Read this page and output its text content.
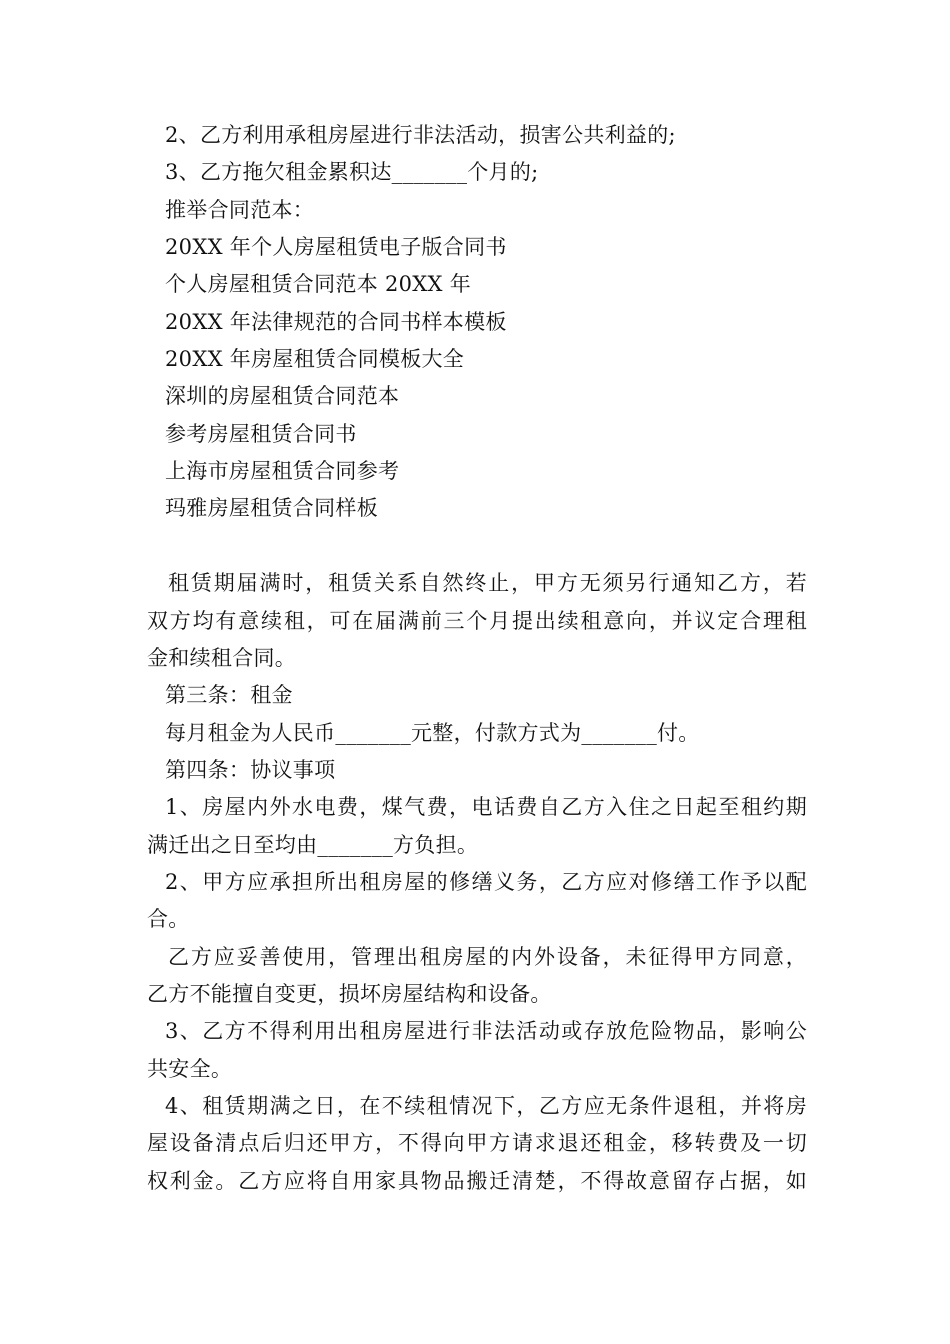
2、乙方利用承租房屋进行非法活动，损害公共利益的;
3、乙方拖欠租金累积达_______个月的;
推举合同范本：
20XX 年个人房屋租赁电子版合同书
个人房屋租赁合同范本 20XX 年
20XX 年法律规范的合同书样本模板
20XX 年房屋租赁合同模板大全
深圳的房屋租赁合同范本
参考房屋租赁合同书
上海市房屋租赁合同参考
玛雅房屋租赁合同样板
租赁期届满时，租赁关系自然终止，甲方无须另行通知乙方，若
双方均有意续租，可在届满前三个月提出续租意向，并议定合理租
金和续租合同。
第三条：租金
每月租金为人民币_______元整，付款方式为_______付。
第四条：协议事项
1、房屋内外水电费，煤气费，电话费自乙方入住之日起至租约期
满迁出之日至均由_______方负担。
2、甲方应承担所出租房屋的修缮义务，乙方应对修缮工作予以配
合。
乙方应妥善使用，管理出租房屋的内外设备，未征得甲方同意，
乙方不能擅自变更，损坏房屋结构和设备。
3、乙方不得利用出租房屋进行非法活动或存放危险物品，影响公
共安全。
4、租赁期满之日，在不续租情况下，乙方应无条件退租，并将房
屋设备清点后归还甲方，不得向甲方请求退还租金，移转费及一切
权利金。乙方应将自用家具物品搬迁清楚，不得故意留存占据，如
